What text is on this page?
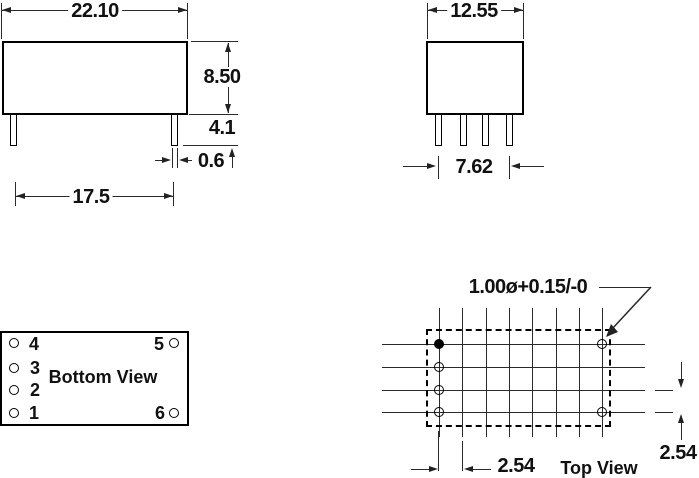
22.10
8.50
4.1
0.6
17.5
12.55
7.62
4
3
2
1
5
6
Bottom View
1.00ø+0.15/-0
2.54 Top View
2.54
